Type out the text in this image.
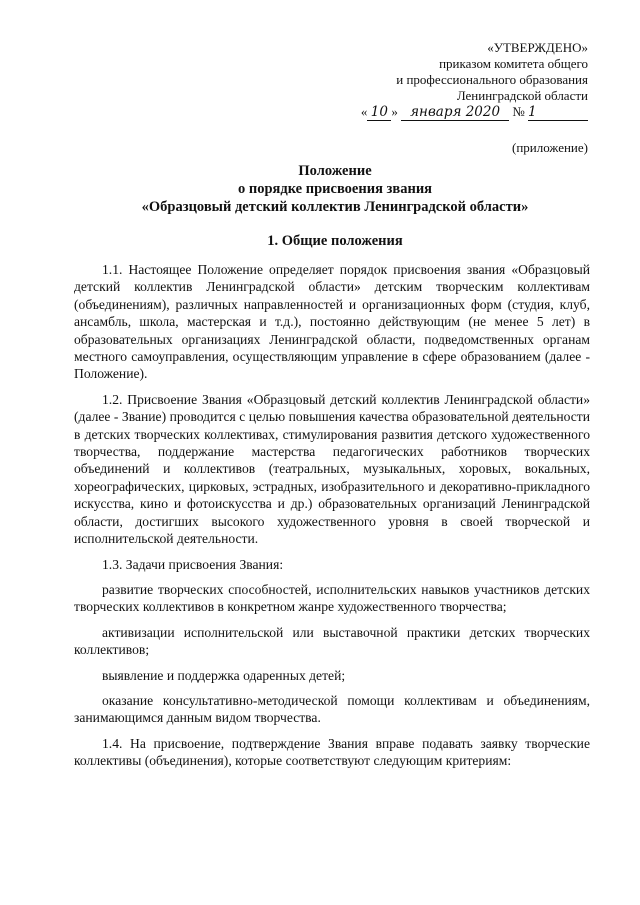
«УТВЕРЖДЕНО»
приказом комитета общего
и профессионального образования
Ленинградской области
« 10 » января 2020 № 1
(приложение)
Положение
о порядке присвоения звания
«Образцовый детский коллектив Ленинградской области»
1. Общие положения

1.1. Настоящее Положение определяет порядок присвоения звания «Образцовый детский коллектив Ленинградской области» детским творческим коллективам (объединениям), различных направленностей и организационных форм (студия, клуб, ансамбль, школа, мастерская и т.д.), постоянно действующим (не менее 5 лет) в образовательных организациях Ленинградской области, подведомственных органам местного самоуправления, осуществляющим управление в сфере образованием (далее - Положение).

1.2. Присвоение Звания «Образцовый детский коллектив Ленинградской области» (далее - Звание) проводится с целью повышения качества образовательной деятельности в детских творческих коллективах, стимулирования развития детского художественного творчества, поддержание мастерства педагогических работников творческих объединений и коллективов (театральных, музыкальных, хоровых, вокальных, хореографических, цирковых, эстрадных, изобразительного и декоративно-прикладного искусства, кино и фотоискусства и др.) образовательных организаций Ленинградской области, достигших высокого художественного уровня в своей творческой и исполнительской деятельности.

1.3. Задачи присвоения Звания:

развитие творческих способностей, исполнительских навыков участников детских творческих коллективов в конкретном жанре художественного творчества;

активизации исполнительской или выставочной практики детских творческих коллективов;

выявление и поддержка одаренных детей;

оказание консультативно-методической помощи коллективам и объединениям, занимающимся данным видом творчества.

1.4. На присвоение, подтверждение Звания вправе подавать заявку творческие коллективы (объединения), которые соответствуют следующим критериям:
